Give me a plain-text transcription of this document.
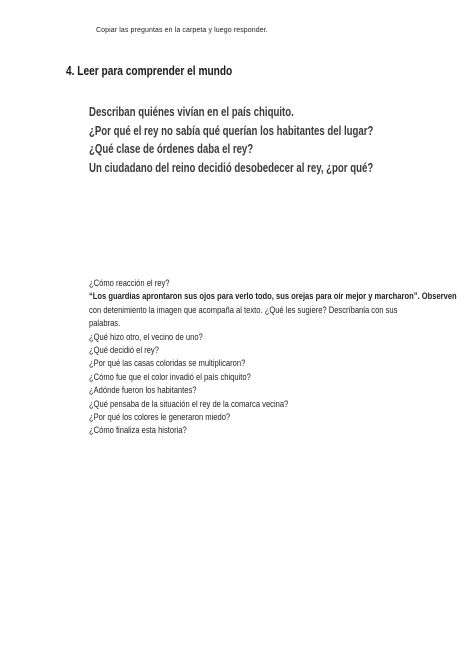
Copiar las preguntas en la carpeta y luego responder.
4. Leer para comprender el mundo
Describan quiénes vivían en el país chiquito.
¿Por qué el rey no sabía qué querían los habitantes del lugar?
¿Qué clase de órdenes daba el rey?
Un ciudadano del reino decidió desobedecer al rey, ¿por qué?
¿Cómo reacción el rey?
“Los guardias aprontaron sus ojos para verlo todo, sus orejas para oír mejor y marcharon”. Observen
con detenimiento la imagen que acompaña al texto. ¿Qué les sugiere? Descríbanla con sus
palabras.
¿Qué hizo otro, el vecino de uno?
¿Qué decidió el rey?
¿Por qué las casas coloridas se multiplicaron?
¿Cómo fue que el color invadió el país chiquito?
¿Adónde fueron los habitantes?
¿Qué pensaba de la situación el rey de la comarca vecina?
¿Por qué los colores le generaron miedo?
¿Cómo finaliza esta historia?
